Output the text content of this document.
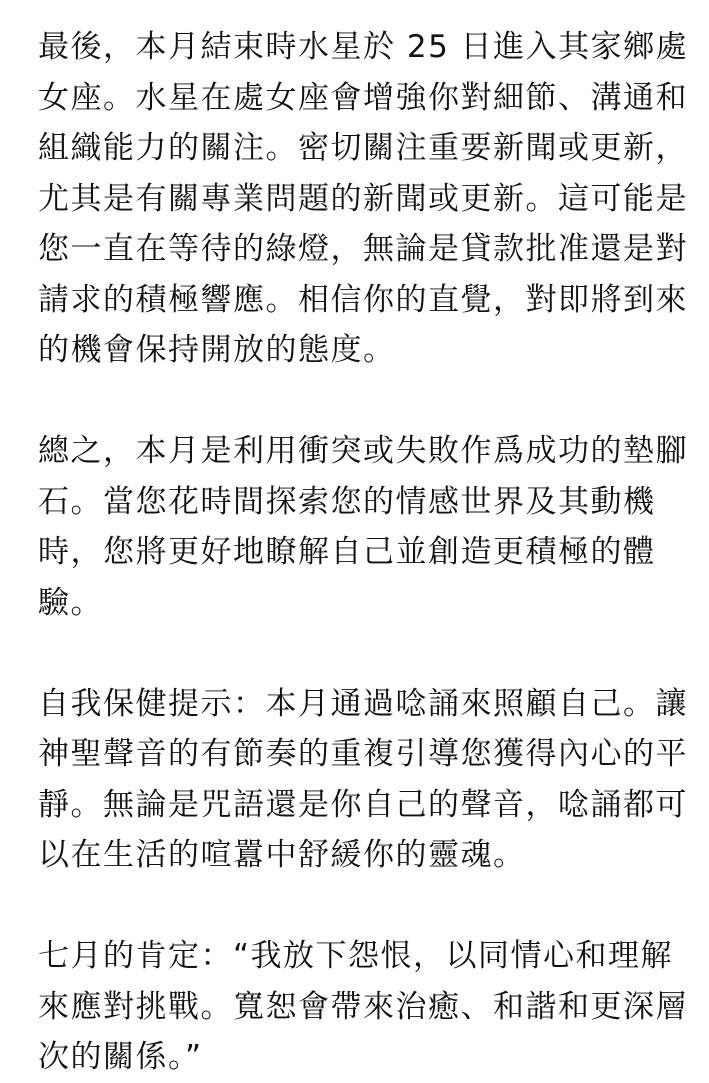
最後，本月結束時水星於 25 日進入其家鄉處
女座。水星在處女座會增強你對細節、溝通和
組織能力的關注。密切關注重要新聞或更新，
尤其是有關專業問題的新聞或更新。這可能是
您一直在等待的綠燈，無論是貸款批准還是對
請求的積極響應。相信你的直覺，對即將到來
的機會保持開放的態度。
總之，本月是利用衝突或失敗作爲成功的墊腳
石。當您花時間探索您的情感世界及其動機
時，您將更好地瞭解自己並創造更積極的體
驗。
自我保健提示：本月通過唸誦來照顧自己。讓
神聖聲音的有節奏的重複引導您獲得內心的平
靜。無論是咒語還是你自己的聲音，唸誦都可
以在生活的喧囂中舒緩你的靈魂。
七月的肯定：“我放下怨恨，以同情心和理解
來應對挑戰。寬恕會帶來治癒、和諧和更深層
次的關係。”
